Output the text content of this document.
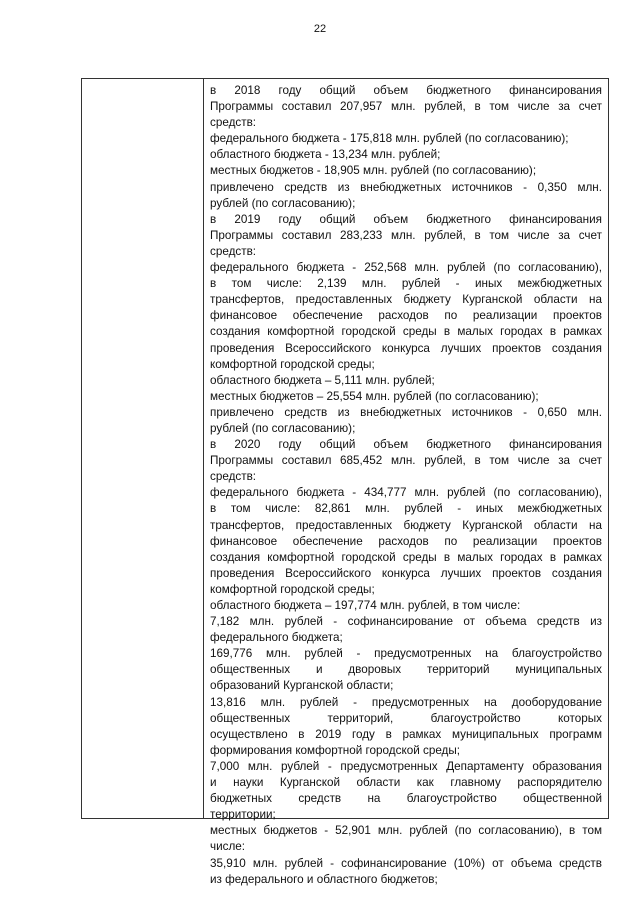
22
в 2018 году общий объем бюджетного финансирования
Программы составил 207,957 млн. рублей, в том числе за счет
средств:
федерального бюджета - 175,818 млн. рублей (по согласованию);
областного бюджета - 13,234 млн. рублей;
местных бюджетов - 18,905 млн. рублей (по согласованию);
привлечено средств из внебюджетных источников - 0,350 млн.
рублей (по согласованию);
в 2019 году общий объем бюджетного финансирования
Программы составил 283,233 млн. рублей, в том числе за счет
средств:
федерального бюджета - 252,568 млн. рублей (по согласованию),
в том числе: 2,139 млн. рублей - иных межбюджетных
трансфертов, предоставленных бюджету Курганской области на
финансовое обеспечение расходов по реализации проектов
создания комфортной городской среды в малых городах в рамках
проведения Всероссийского конкурса лучших проектов создания
комфортной городской среды;
областного бюджета – 5,111 млн. рублей;
местных бюджетов – 25,554 млн. рублей (по согласованию);
привлечено средств из внебюджетных источников - 0,650 млн.
рублей (по согласованию);
в 2020 году общий объем бюджетного финансирования
Программы составил 685,452 млн. рублей, в том числе за счет
средств:
федерального бюджета - 434,777 млн. рублей (по согласованию),
в том числе: 82,861 млн. рублей - иных межбюджетных
трансфертов, предоставленных бюджету Курганской области на
финансовое обеспечение расходов по реализации проектов
создания комфортной городской среды в малых городах в рамках
проведения Всероссийского конкурса лучших проектов создания
комфортной городской среды;
областного бюджета – 197,774 млн. рублей, в том числе:
7,182 млн. рублей - софинансирование от объема средств из
федерального бюджета;
169,776 млн. рублей - предусмотренных на благоустройство
общественных и дворовых территорий муниципальных
образований Курганской области;
13,816 млн. рублей - предусмотренных на дооборудование
общественных территорий, благоустройство которых
осуществлено в 2019 году в рамках муниципальных программ
формирования комфортной городской среды;
7,000 млн. рублей - предусмотренных Департаменту образования
и науки Курганской области как главному распорядителю
бюджетных средств на благоустройство общественной
территории;
местных бюджетов - 52,901 млн. рублей (по согласованию), в том
числе:
35,910 млн. рублей - софинансирование (10%) от объема средств
из федерального и областного бюджетов;
